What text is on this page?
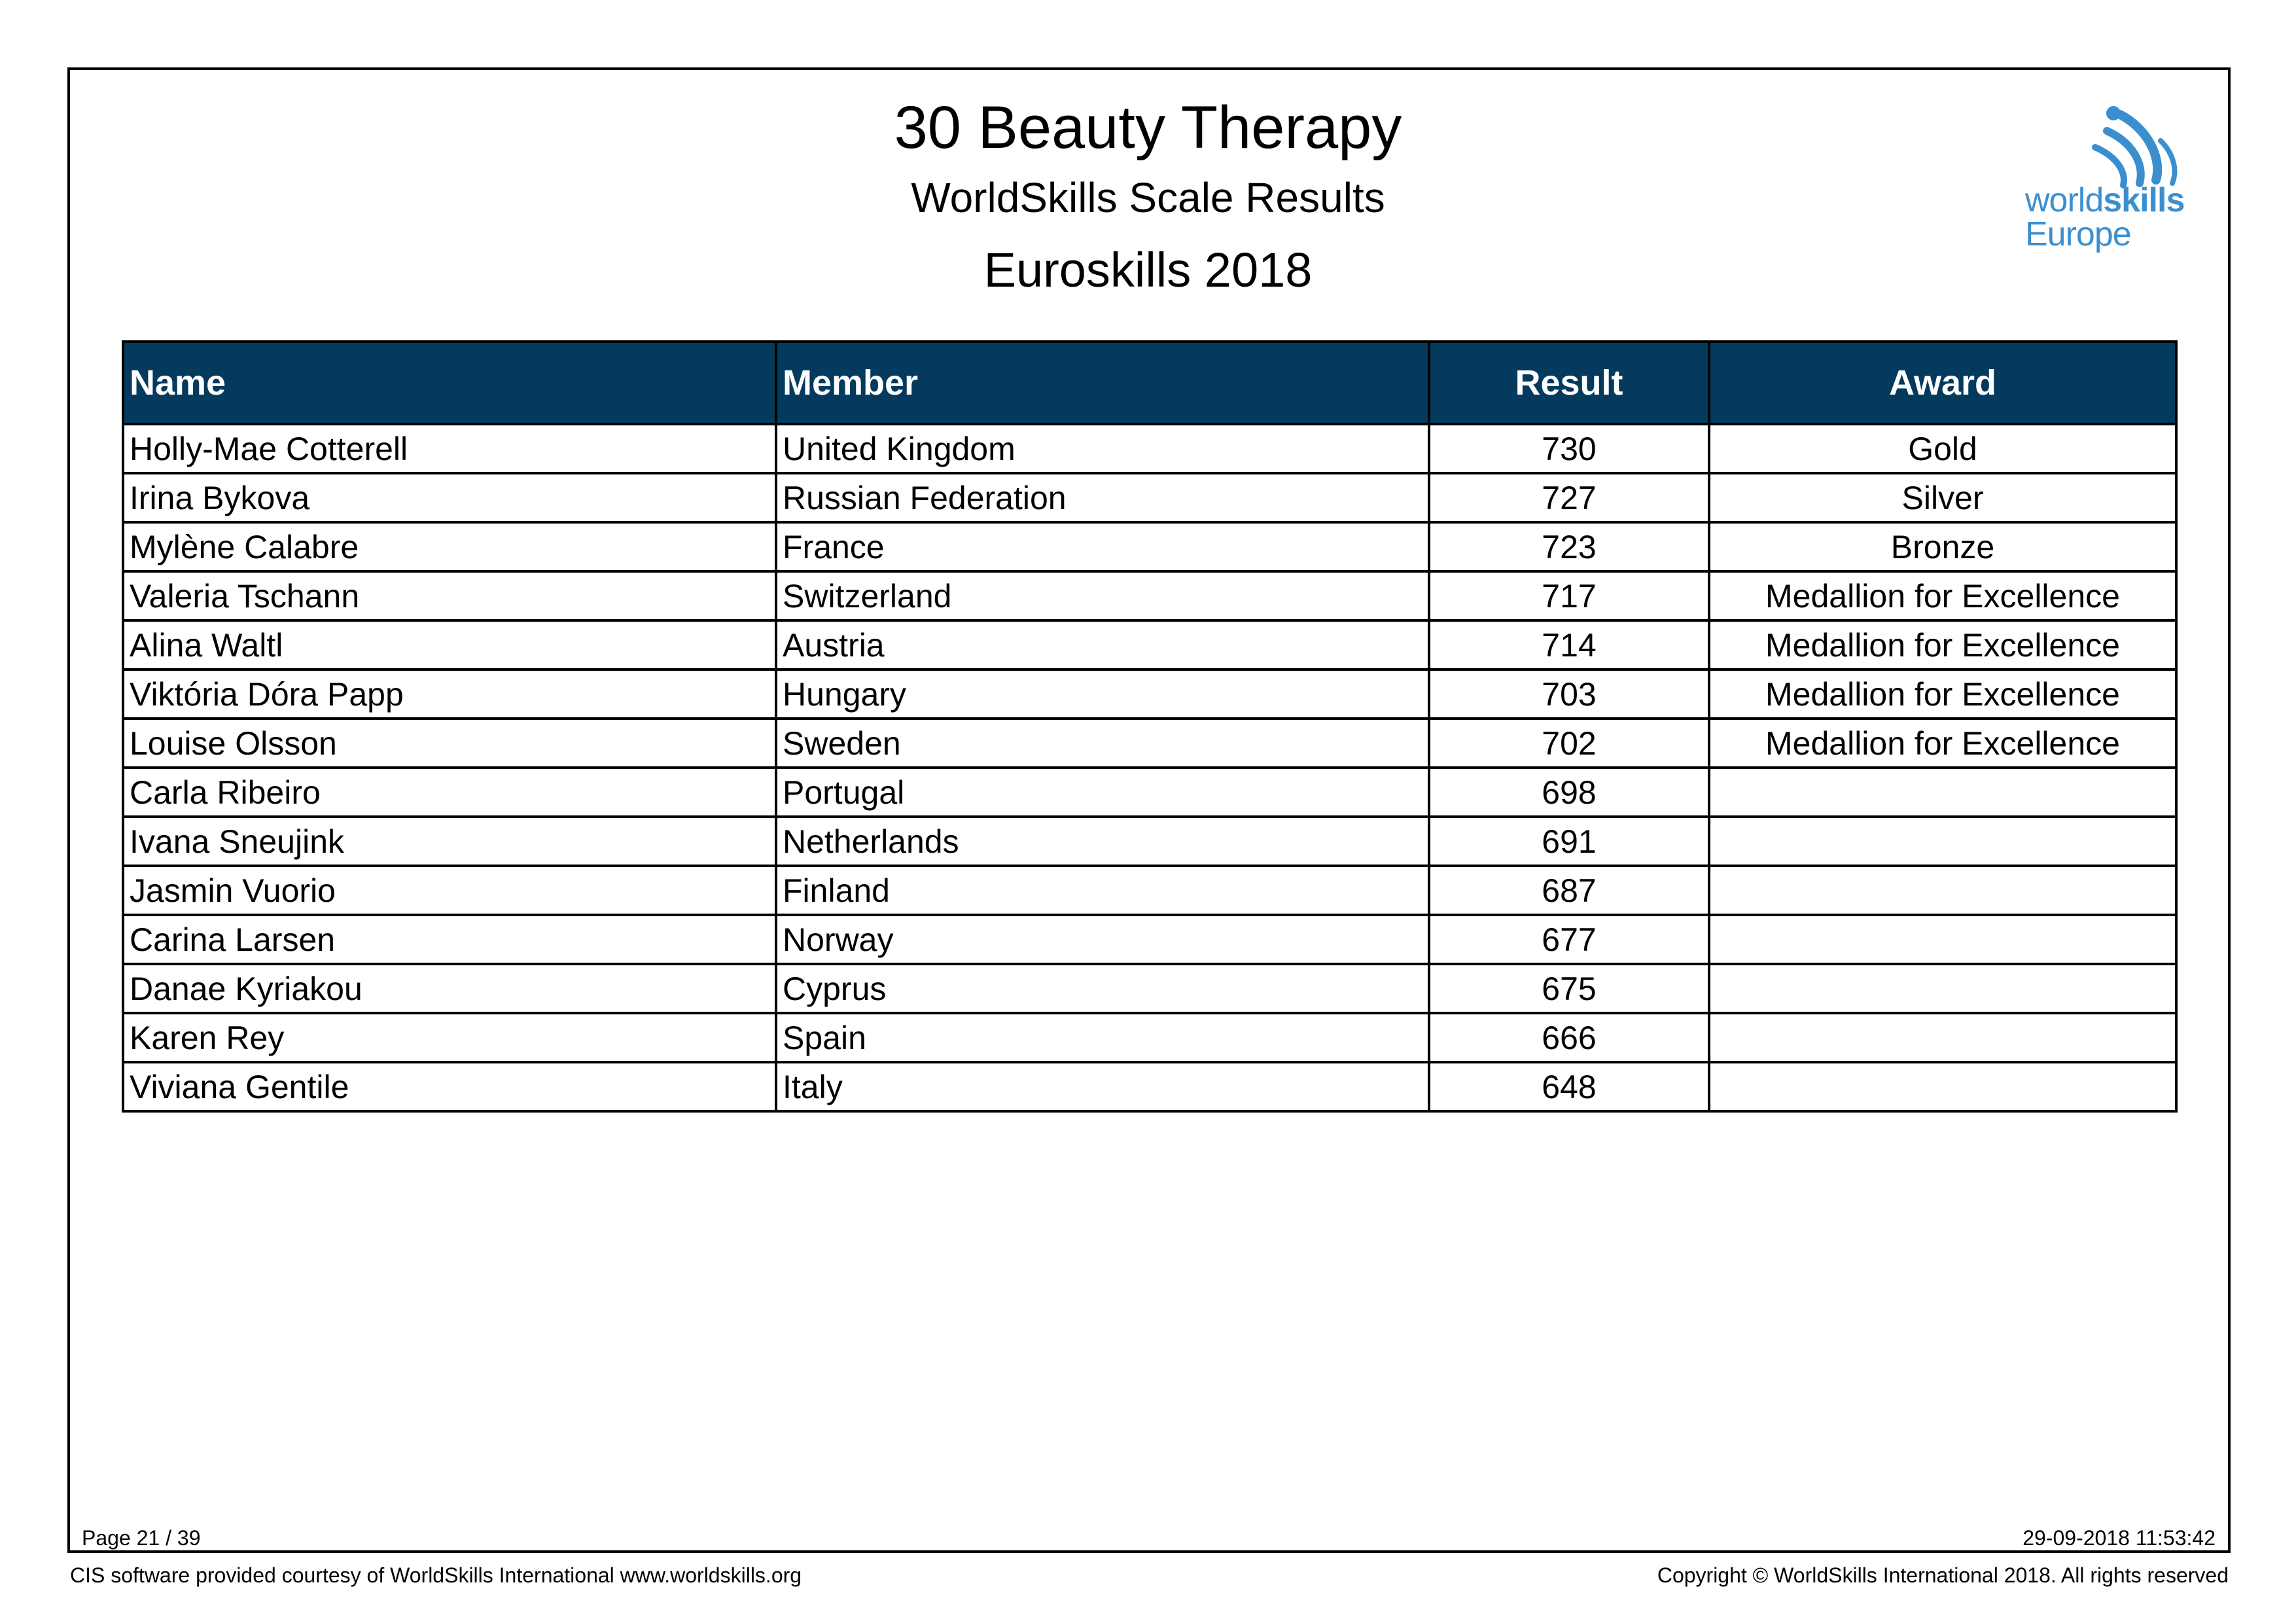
30 Beauty Therapy
WorldSkills Scale Results
Euroskills 2018
worldskills
Europe
Name	Member	Result	Award
Holly-Mae Cotterell	United Kingdom	730	Gold
Irina Bykova	Russian Federation	727	Silver
Mylène Calabre	France	723	Bronze
Valeria Tschann	Switzerland	717	Medallion for Excellence
Alina Waltl	Austria	714	Medallion for Excellence
Viktória Dóra Papp	Hungary	703	Medallion for Excellence
Louise Olsson	Sweden	702	Medallion for Excellence
Carla Ribeiro	Portugal	698	
Ivana Sneujink	Netherlands	691	
Jasmin Vuorio	Finland	687	
Carina Larsen	Norway	677	
Danae Kyriakou	Cyprus	675	
Karen Rey	Spain	666	
Viviana Gentile	Italy	648	
Page 21 / 39	29-09-2018 11:53:42
CIS software provided courtesy of WorldSkills International www.worldskills.org	Copyright © WorldSkills International 2018. All rights reserved
